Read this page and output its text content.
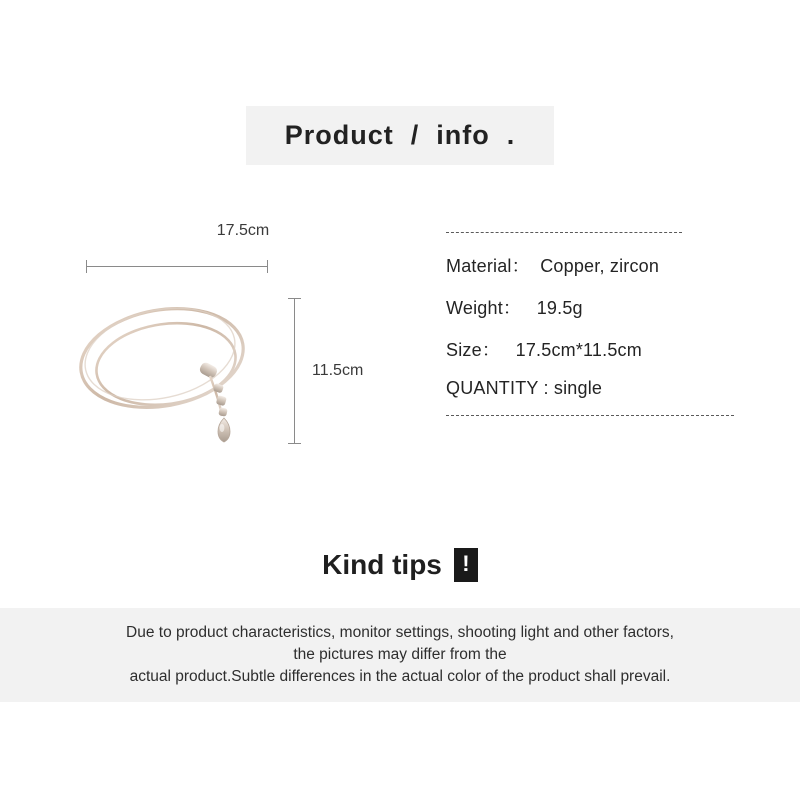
Product  /  info  .
17.5cm
11.5cm
Material：  Copper, zircon
Weight：   19.5g
Size：   17.5cm*11.5cm
QUANTITY : single
Kind tips !
Due to product characteristics, monitor settings, shooting light and other factors,
the pictures may differ from the
actual product.Subtle differences in the actual color of the product shall prevail.
